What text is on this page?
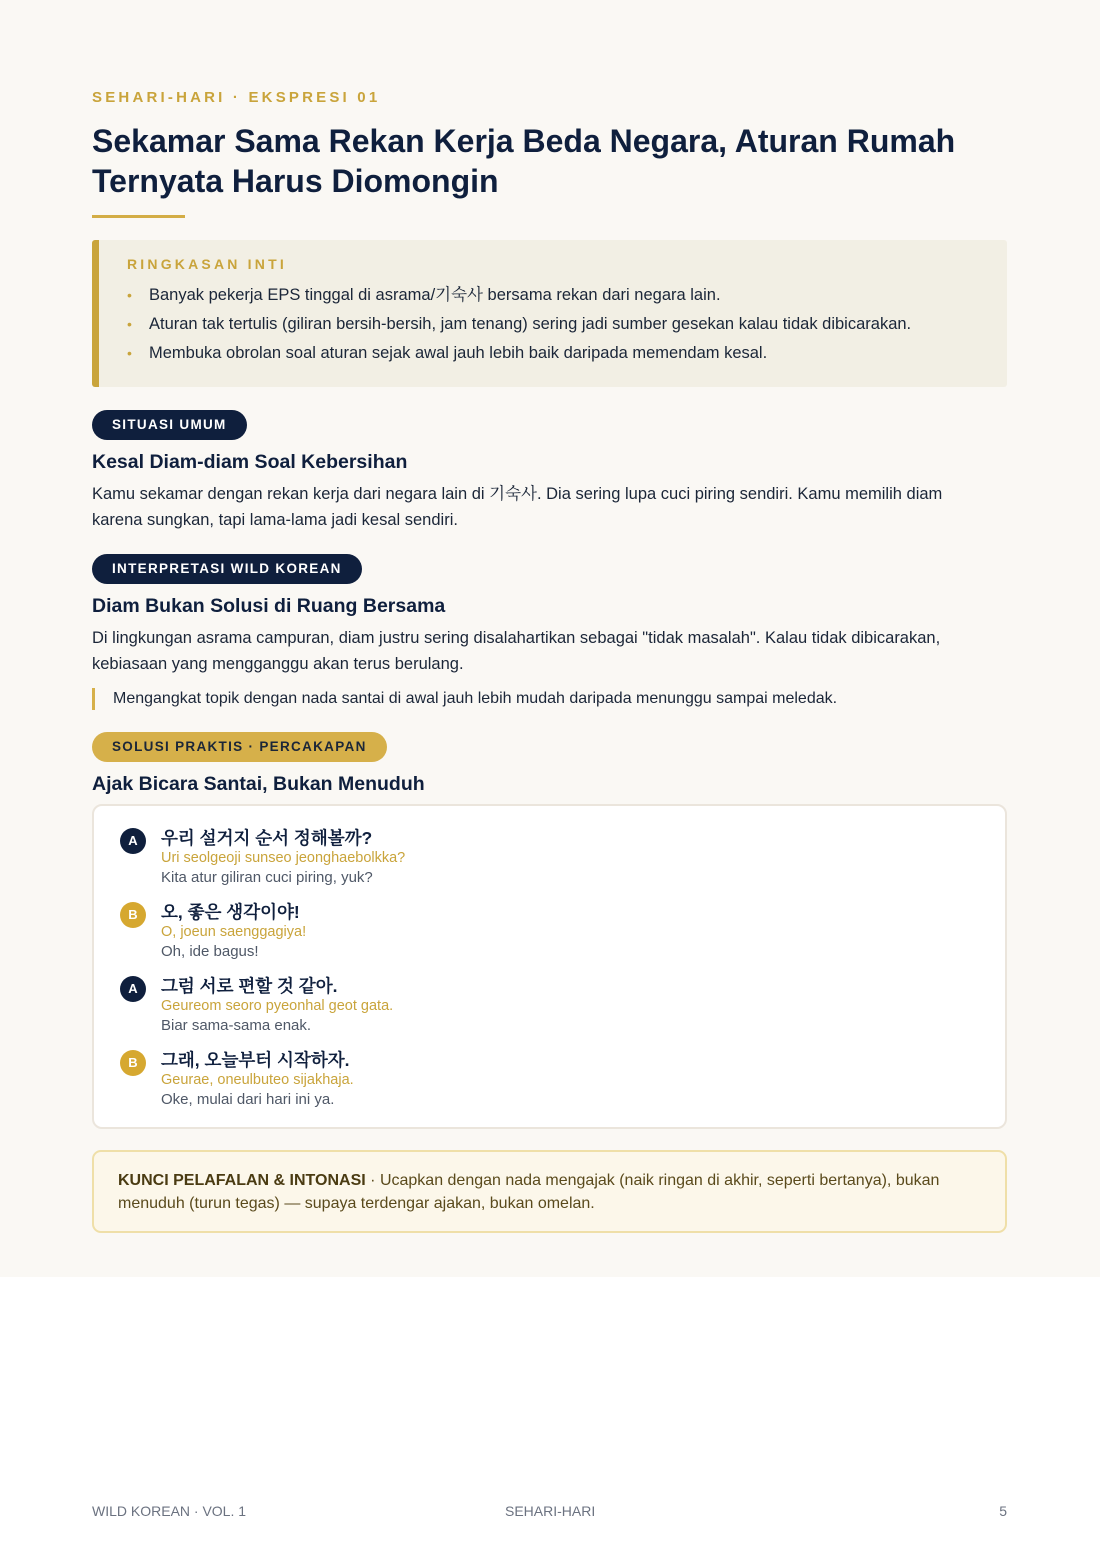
SEHARI-HARI · EKSPRESI 01
Sekamar Sama Rekan Kerja Beda Negara, Aturan Rumah Ternyata Harus Diomongin
RINGKASAN INTI
• Banyak pekerja EPS tinggal di asrama/기숙사 bersama rekan dari negara lain.
• Aturan tak tertulis (giliran bersih-bersih, jam tenang) sering jadi sumber gesekan kalau tidak dibicarakan.
• Membuka obrolan soal aturan sejak awal jauh lebih baik daripada memendam kesal.
SITUASI UMUM
Kesal Diam-diam Soal Kebersihan

Kamu sekamar dengan rekan kerja dari negara lain di 기숙사. Dia sering lupa cuci piring sendiri. Kamu memilih diam karena sungkan, tapi lama-lama jadi kesal sendiri.

INTERPRETASI WILD KOREAN
Diam Bukan Solusi di Ruang Bersama

Di lingkungan asrama campuran, diam justru sering disalahartikan sebagai "tidak masalah". Kalau tidak dibicarakan, kebiasaan yang mengganggu akan terus berulang.

Mengangkat topik dengan nada santai di awal jauh lebih mudah daripada menunggu sampai meledak.
SOLUSI PRAKTIS · PERCAKAPAN
Ajak Bicara Santai, Bukan Menuduh
A	우리 설거지 순서 정해볼까?
Uri seolgeoji sunseo jeonghaebolkka?
Kita atur giliran cuci piring, yuk?
B	오, 좋은 생각이야!
O, joeun saenggagiya!
Oh, ide bagus!
A	그럼 서로 편할 것 같아.
Geureom seoro pyeonhal geot gata.
Biar sama-sama enak.
B	그래, 오늘부터 시작하자.
Geurae, oneulbuteo sijakhaja.
Oke, mulai dari hari ini ya.
KUNCI PELAFALAN & INTONASI · Ucapkan dengan nada mengajak (naik ringan di akhir, seperti bertanya), bukan menuduh (turun tegas) — supaya terdengar ajakan, bukan omelan.
WILD KOREAN · VOL. 1	SEHARI-HARI	5
